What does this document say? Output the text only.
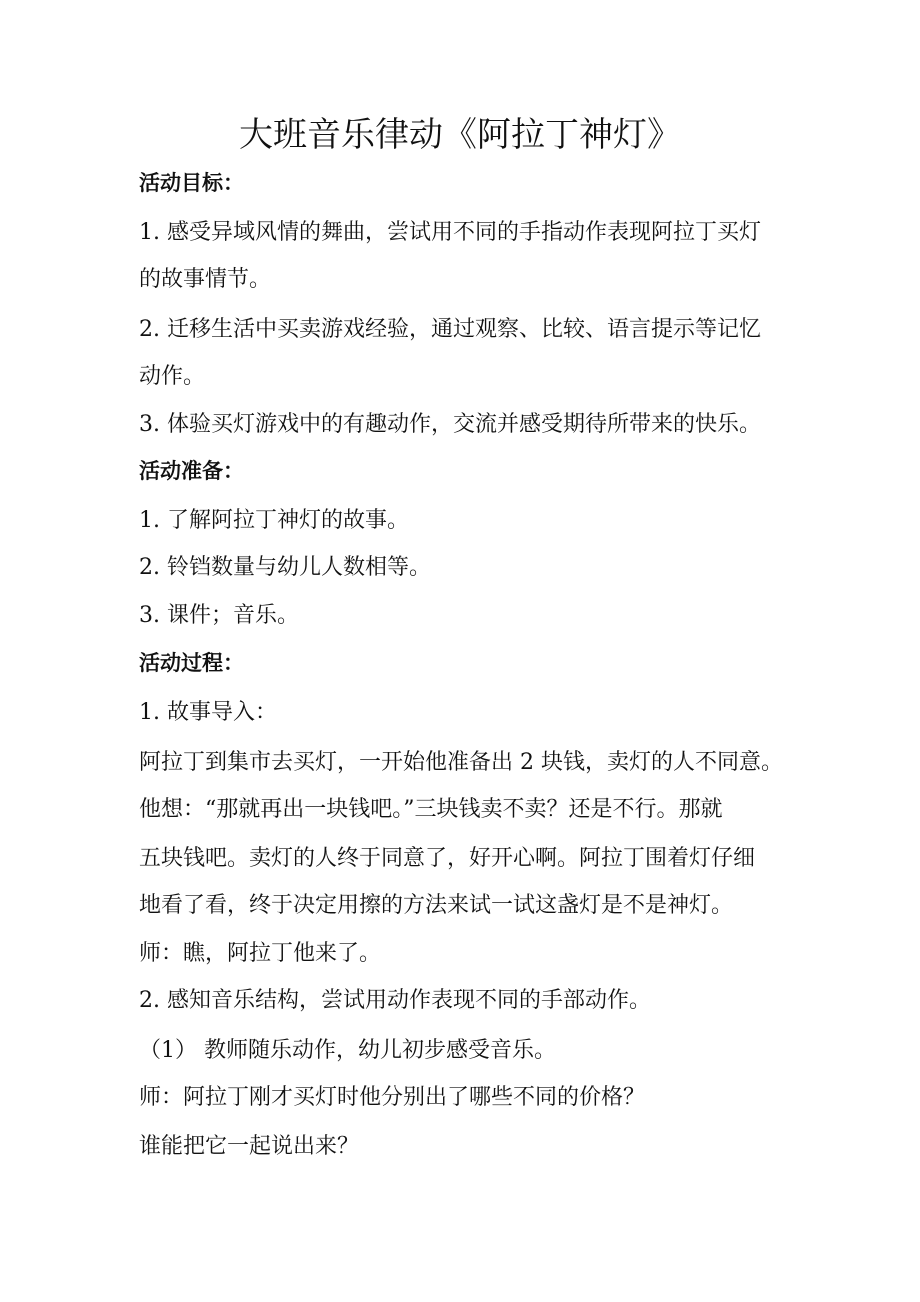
大班音乐律动《阿拉丁神灯》

活动目标：

1. 感受异域风情的舞曲，尝试用不同的手指动作表现阿拉丁买灯

的故事情节。

2. 迁移生活中买卖游戏经验，通过观察、比较、语言提示等记忆

动作。

3. 体验买灯游戏中的有趣动作，交流并感受期待所带来的快乐。

活动准备：

1. 了解阿拉丁神灯的故事。

2. 铃铛数量与幼儿人数相等。

3. 课件；音乐。

活动过程：

1. 故事导入：

阿拉丁到集市去买灯，一开始他准备出 2 块钱，卖灯的人不同意。

他想：“那就再出一块钱吧。”三块钱卖不卖？还是不行。那就

五块钱吧。卖灯的人终于同意了，好开心啊。阿拉丁围着灯仔细

地看了看，终于决定用擦的方法来试一试这盏灯是不是神灯。

师：瞧，阿拉丁他来了。

2. 感知音乐结构，尝试用动作表现不同的手部动作。

（1） 教师随乐动作，幼儿初步感受音乐。

师：阿拉丁刚才买灯时他分别出了哪些不同的价格？

谁能把它一起说出来？
